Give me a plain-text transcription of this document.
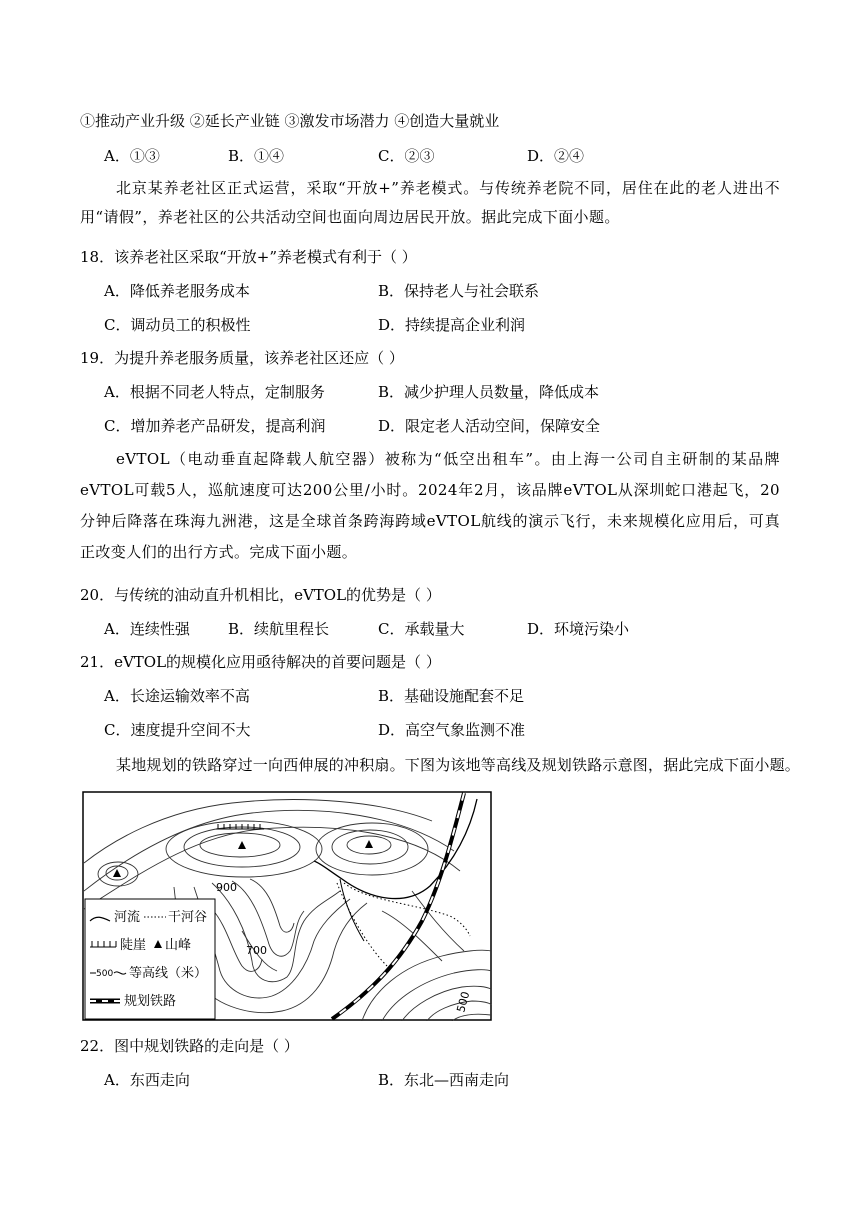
①推动产业升级 ②延长产业链 ③激发市场潜力 ④创造大量就业
A．①③	B．①④	C．②③	D．②④
北京某养老社区正式运营，采取“开放+”养老模式。与传统养老院不同，居住在此的老人进出不用“请假”，养老社区的公共活动空间也面向周边居民开放。据此完成下面小题。
18．该养老社区采取“开放+”养老模式有利于（ ）
A．降低养老服务成本	B．保持老人与社会联系
C．调动员工的积极性	D．持续提高企业利润
19．为提升养老服务质量，该养老社区还应（ ）
A．根据不同老人特点，定制服务	B．减少护理人员数量，降低成本
C．增加养老产品研发，提高利润	D．限定老人活动空间，保障安全
eVTOL（电动垂直起降载人航空器）被称为“低空出租车”。由上海一公司自主研制的某品牌eVTOL可载5人，巡航速度可达200公里/小时。2024年2月，该品牌eVTOL从深圳蛇口港起飞，20分钟后降落在珠海九洲港，这是全球首条跨海跨域eVTOL航线的演示飞行，未来规模化应用后，可真正改变人们的出行方式。完成下面小题。
20．与传统的油动直升机相比，eVTOL的优势是（ ）
A．连续性强	B．续航里程长	C．承载量大	D．环境污染小
21．eVTOL的规模化应用亟待解决的首要问题是（ ）
A．长途运输效率不高	B．基础设施配套不足
C．速度提升空间不大	D．高空气象监测不准
某地规划的铁路穿过一向西伸展的冲积扇。下图为该地等高线及规划铁路示意图，据此完成下面小题。
900
700
500
河流 干河谷
陡崖 山峰
500 等高线（米）
规划铁路
22．图中规划铁路的走向是（ ）
A．东西走向	B．东北—西南走向
